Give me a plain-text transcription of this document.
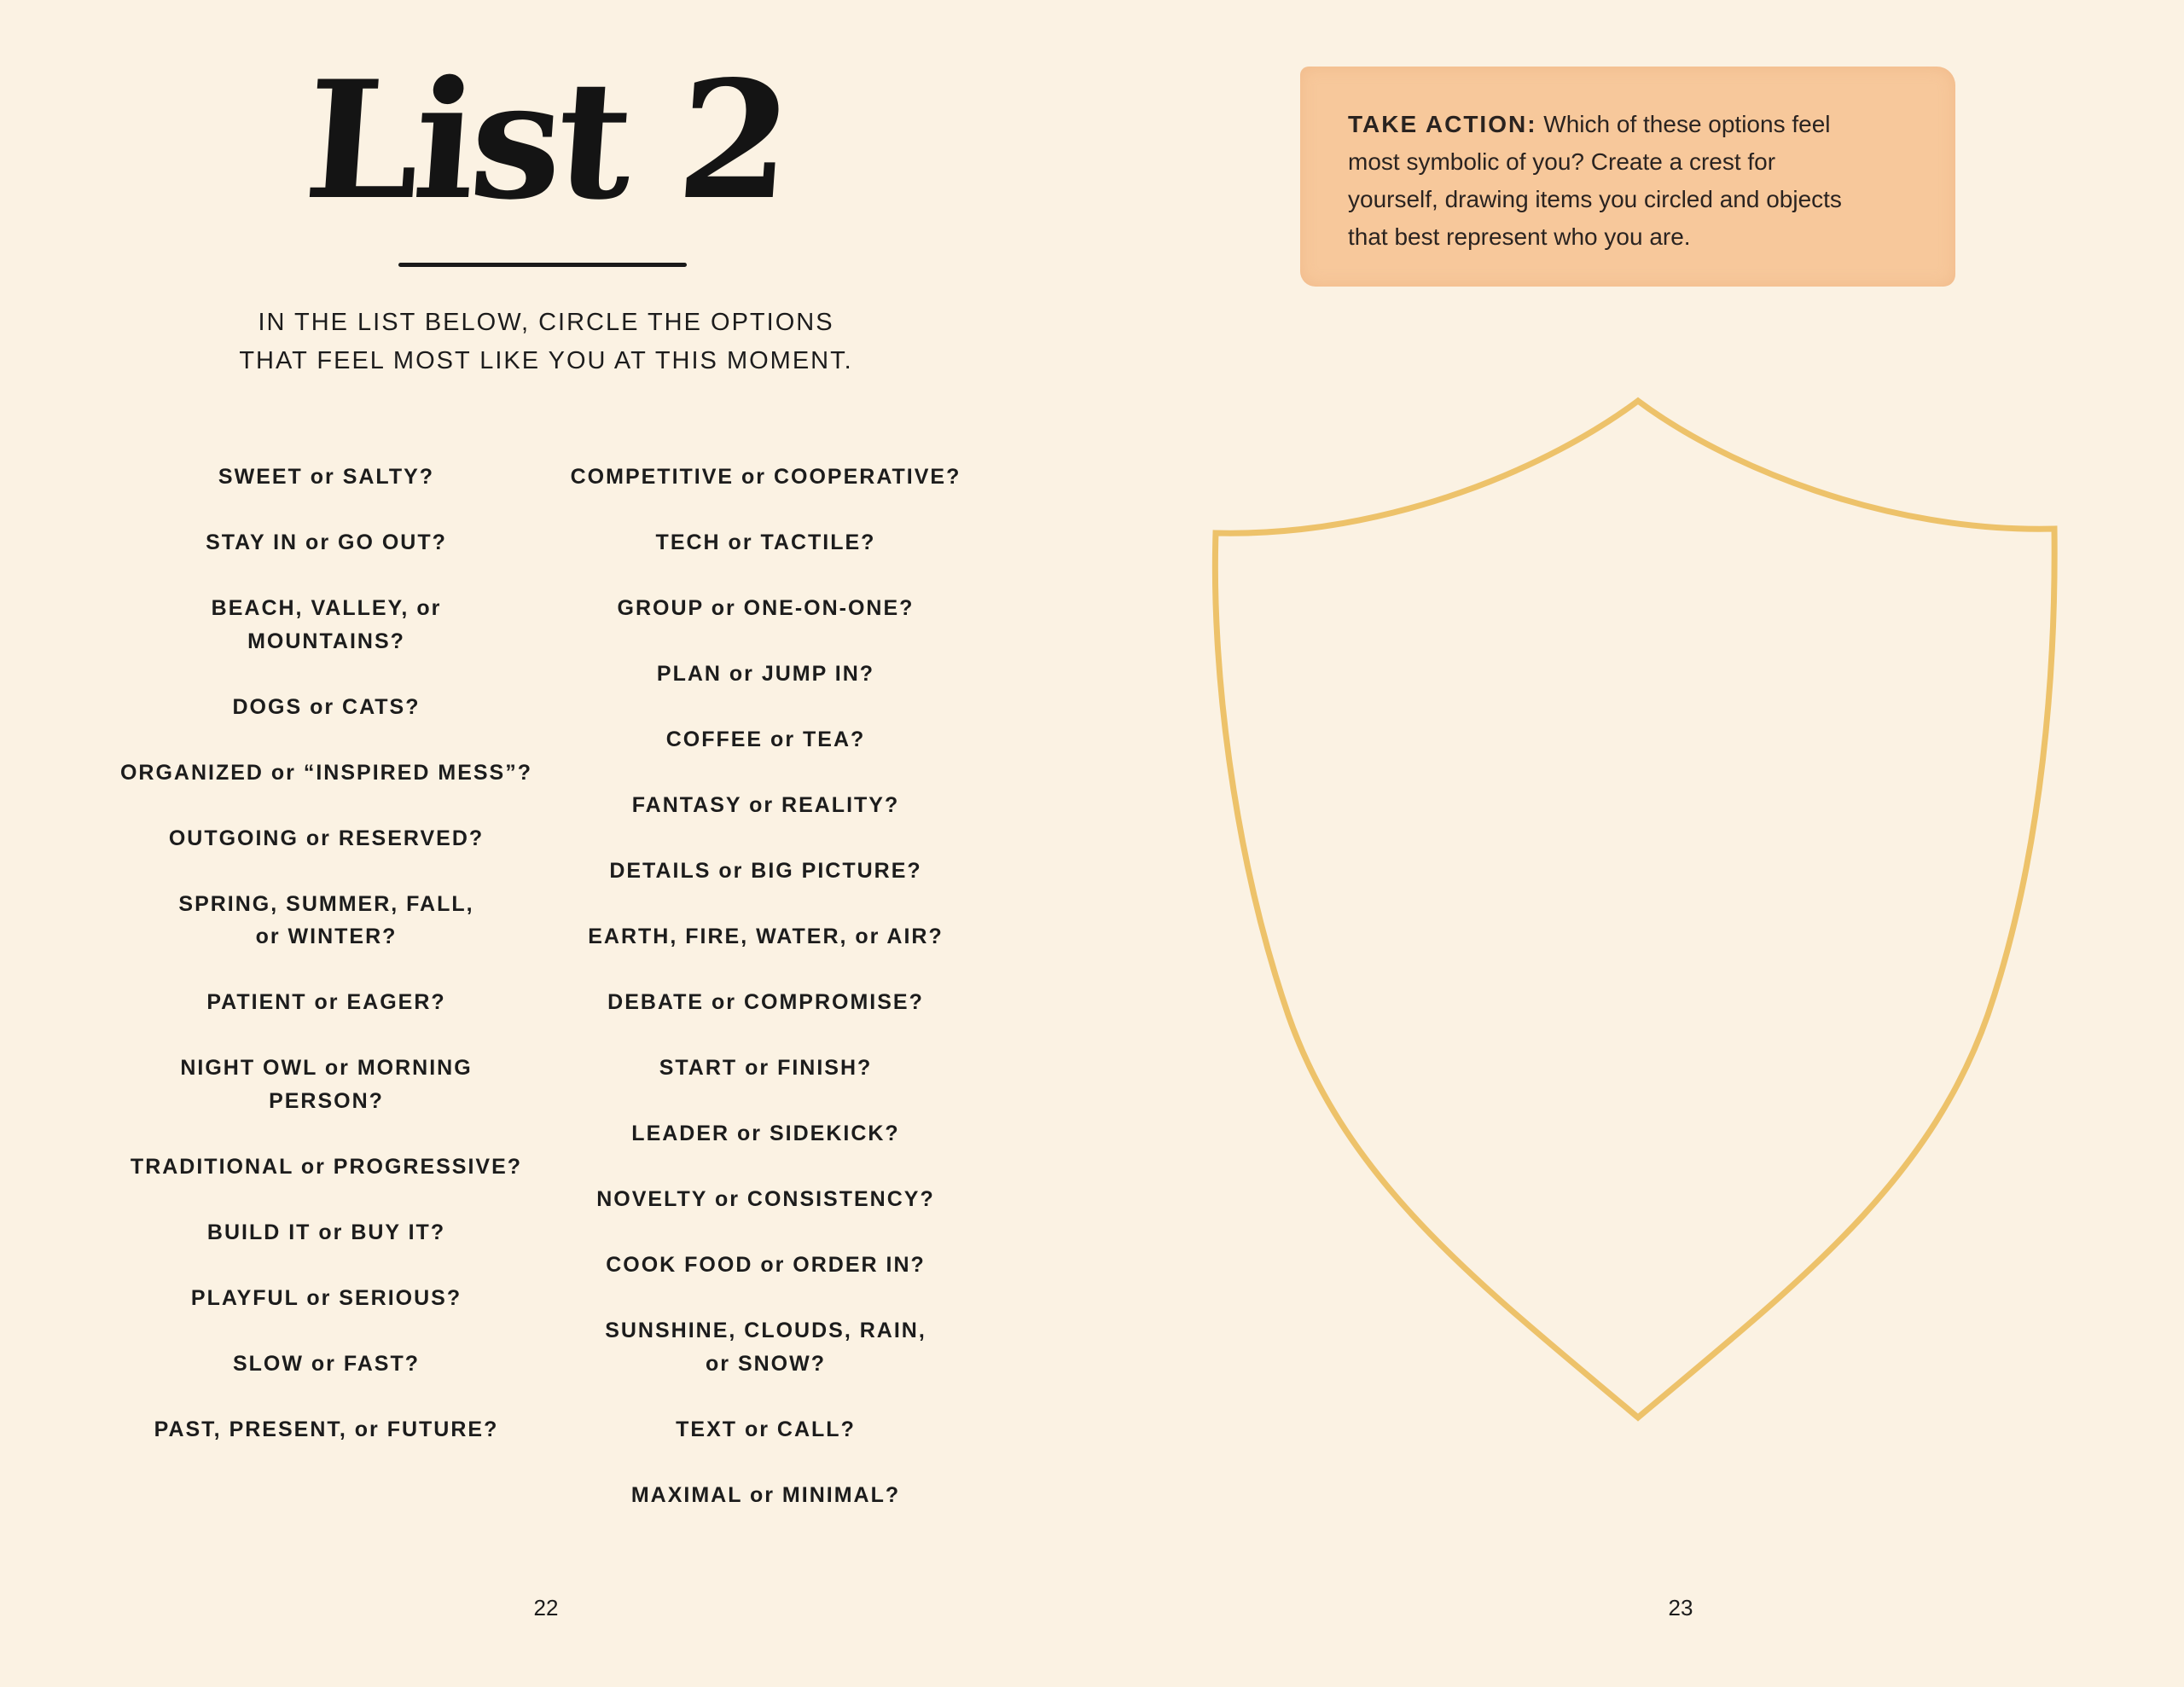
List 2
IN THE LIST BELOW, CIRCLE THE OPTIONS
THAT FEEL MOST LIKE YOU AT THIS MOMENT.
SWEET or SALTY?
STAY IN or GO OUT?
BEACH, VALLEY, or
MOUNTAINS?
DOGS or CATS?
ORGANIZED or “INSPIRED MESS”?
OUTGOING or RESERVED?
SPRING, SUMMER, FALL,
or WINTER?
PATIENT or EAGER?
NIGHT OWL or MORNING
PERSON?
TRADITIONAL or PROGRESSIVE?
BUILD IT or BUY IT?
PLAYFUL or SERIOUS?
SLOW or FAST?
PAST, PRESENT, or FUTURE?
COMPETITIVE or COOPERATIVE?
TECH or TACTILE?
GROUP or ONE-ON-ONE?
PLAN or JUMP IN?
COFFEE or TEA?
FANTASY or REALITY?
DETAILS or BIG PICTURE?
EARTH, FIRE, WATER, or AIR?
DEBATE or COMPROMISE?
START or FINISH?
LEADER or SIDEKICK?
NOVELTY or CONSISTENCY?
COOK FOOD or ORDER IN?
SUNSHINE, CLOUDS, RAIN,
or SNOW?
TEXT or CALL?
MAXIMAL or MINIMAL?
22
TAKE ACTION: Which of these options feel
most symbolic of you? Create a crest for
yourself, drawing items you circled and objects
that best represent who you are.
23
